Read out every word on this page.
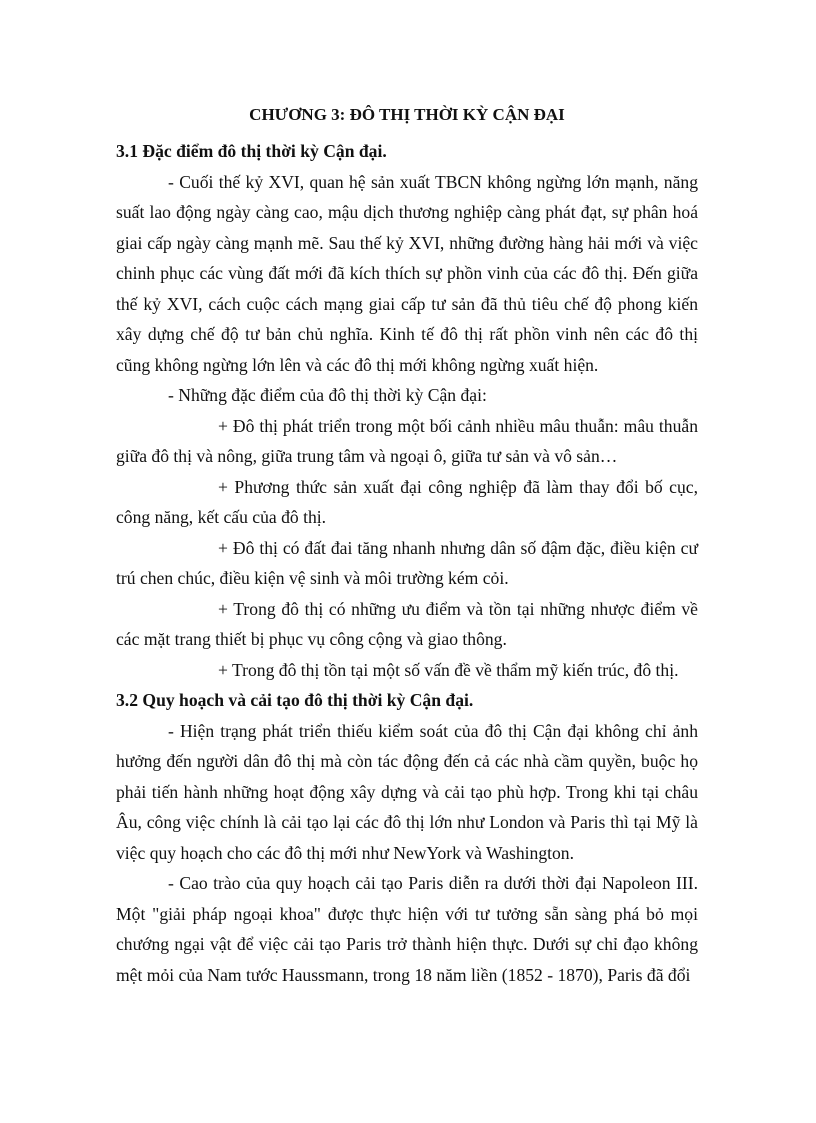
CHƯƠNG 3: ĐÔ THỊ THỜI KỲ CẬN ĐẠI

3.1 Đặc điểm đô thị thời kỳ Cận đại.

- Cuối thế kỷ XVI, quan hệ sản xuất TBCN không ngừng lớn mạnh, năng suất lao động ngày càng cao, mậu dịch thương nghiệp càng phát đạt, sự phân hoá giai cấp ngày càng mạnh mẽ. Sau thế kỷ XVI, những đường hàng hải mới và việc chinh phục các vùng đất mới đã kích thích sự phồn vinh của các đô thị. Đến giữa thế kỷ XVI, cách cuộc cách mạng giai cấp tư sản đã thủ tiêu chế độ phong kiến xây dựng chế độ tư bản chủ nghĩa. Kinh tế đô thị rất phồn vinh nên các đô thị cũng không ngừng lớn lên và các đô thị mới không ngừng xuất hiện.

- Những đặc điểm của đô thị thời kỳ Cận đại:

+ Đô thị phát triển trong một bối cảnh nhiều mâu thuẫn: mâu thuẫn giữa đô thị và nông, giữa trung tâm và ngoại ô, giữa tư sản và vô sản…

+ Phương thức sản xuất đại công nghiệp đã làm thay đổi bố cục, công năng, kết cấu của đô thị.

+ Đô thị có đất đai tăng nhanh nhưng dân số đậm đặc, điều kiện cư trú chen chúc, điều kiện vệ sinh và môi trường kém cỏi.

+ Trong đô thị có những ưu điểm và tồn tại những nhược điểm về các mặt trang thiết bị phục vụ công cộng và giao thông.

+ Trong đô thị tồn tại một số vấn đề về thẩm mỹ kiến trúc, đô thị.

3.2 Quy hoạch và cải tạo đô thị thời kỳ Cận đại.

- Hiện trạng phát triển thiếu kiểm soát của đô thị Cận đại không chỉ ảnh hưởng đến người dân đô thị mà còn tác động đến cả các nhà cầm quyền, buộc họ phải tiến hành những hoạt động xây dựng và cải tạo phù hợp. Trong khi tại châu Âu, công việc chính là cải tạo lại các đô thị lớn như London và Paris thì tại Mỹ là việc quy hoạch cho các đô thị mới như NewYork và Washington.

- Cao trào của quy hoạch cải tạo Paris diễn ra dưới thời đại Napoleon III. Một "giải pháp ngoại khoa" được thực hiện với tư tưởng sẵn sàng phá bỏ mọi chướng ngại vật để việc cải tạo Paris trở thành hiện thực. Dưới sự chỉ đạo không mệt mỏi của Nam tước Haussmann, trong 18 năm liền (1852 - 1870), Paris đã đổi
